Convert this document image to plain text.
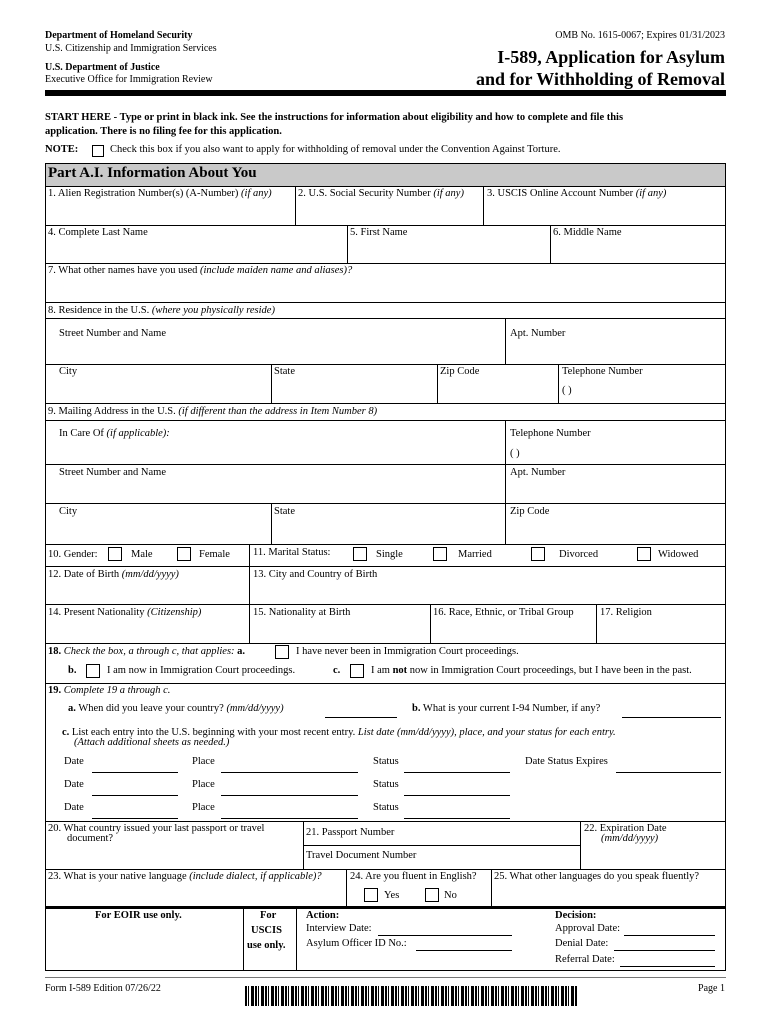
Department of Homeland Security
U.S. Citizenship and Immigration Services
U.S. Department of Justice
Executive Office for Immigration Review
OMB No. 1615-0067; Expires 01/31/2023
I-589, Application for Asylum
and for Withholding of Removal
START HERE - Type or print in black ink. See the instructions for information about eligibility and how to complete and file this
application. There is no filing fee for this application.
NOTE:	Check this box if you also want to apply for withholding of removal under the Convention Against Torture.
Part A.I. Information About You
1. Alien Registration Number(s) (A-Number) (if any)	2. U.S. Social Security Number (if any) 3. USCIS Online Account Number (if any)
4. Complete Last Name	5. First Name	6. Middle Name
7. What other names have you used (include maiden name and aliases)?
8. Residence in the U.S. (where you physically reside)
Street Number and Name	Apt. Number
City	State	Zip Code	Telephone Number
( )
9. Mailing Address in the U.S. (if different than the address in Item Number 8)
In Care Of (if applicable):	Telephone Number
( )
Street Number and Name	Apt. Number
City	State	Zip Code
10. Gender:	Male	Female 11. Marital Status:	Single	Married	Divorced	Widowed
12. Date of Birth (mm/dd/yyyy)	13. City and Country of Birth
14. Present Nationality (Citizenship)	15. Nationality at Birth	16. Race, Ethnic, or Tribal Group	17. Religion
18. Check the box, a through c, that applies: a.	I have never been in Immigration Court proceedings.
b.	I am now in Immigration Court proceedings.	c.	I am not now in Immigration Court proceedings, but I have been in the past.
19. Complete 19 a through c.
a. When did you leave your country? (mm/dd/yyyy)	b. What is your current I-94 Number, if any?
c. List each entry into the U.S. beginning with your most recent entry. List date (mm/dd/yyyy), place, and your status for each entry.
(Attach additional sheets as needed.)
Date	Place	Status	Date Status Expires
Date	Place	Status
Date	Place	Status
20. What country issued your last passport or travel
document?
21. Passport Number
Travel Document Number
22. Expiration Date
(mm/dd/yyyy)
23. What is your native language (include dialect, if applicable)?	24. Are you fluent in English?
Yes	No
25. What other languages do you speak fluently?
For EOIR use only.	For
USCIS
use only.
Action:
Interview Date:
Asylum Officer ID No.:
Decision:
Approval Date:
Denial Date:
Referral Date:
Form I-589 Edition 07/26/22	Page 1
